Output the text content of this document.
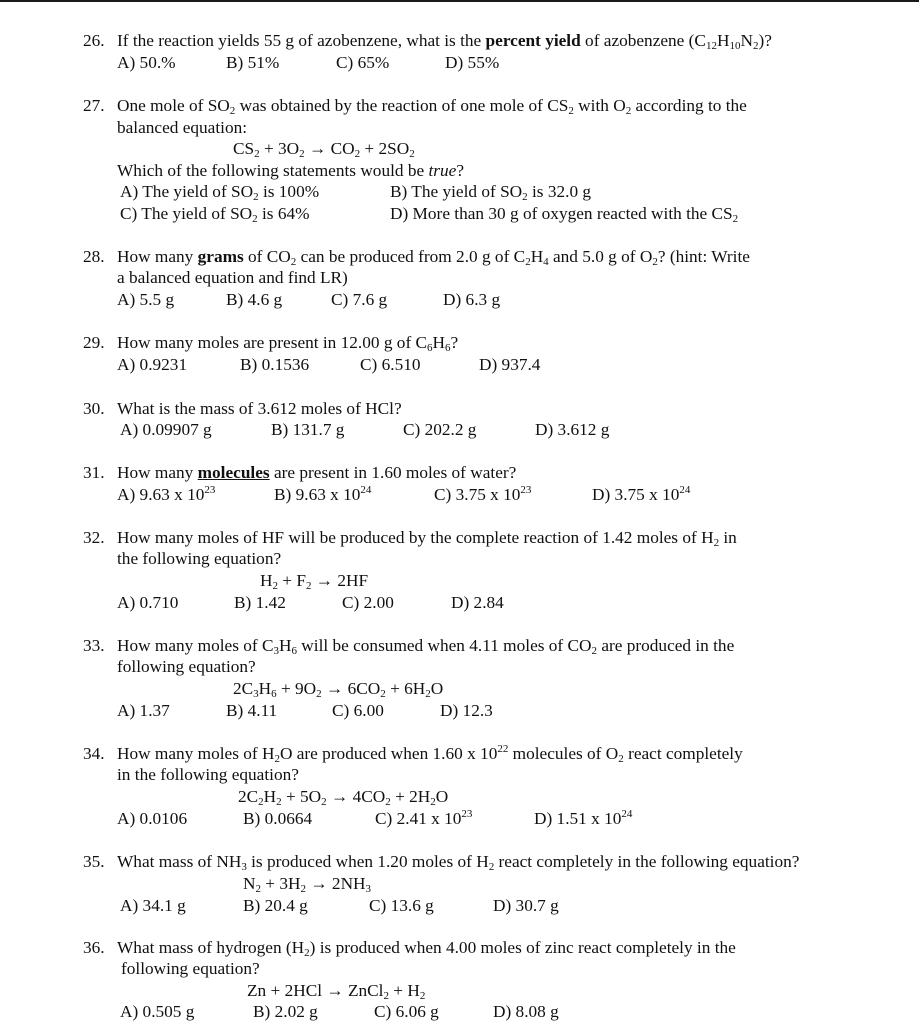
26. If the reaction yields 55 g of azobenzene, what is the percent yield of azobenzene $(C_{12}H_{10}N_2)$?
A) 50.%	B) 51%	C) 65%	D) 55%
27. One mole of $SO_2$ was obtained by the reaction of one mole of $CS_2$ with $O_2$ according to the
balanced equation:
$CS_2 + 3O_2 \to CO_2 + 2SO_2$
Which of the following statements would be true?
A) The yield of $SO_2$ is 100%	B) The yield of $SO_2$ is 32.0 g
C) The yield of $SO_2$ is 64%	D) More than 30 g of oxygen reacted with the $CS_2$
28. How many grams of $CO_2$ can be produced from 2.0 g of $C_2H_4$ and 5.0 g of $O_2$? (hint: Write
a balanced equation and find LR)
A) 5.5 g	B) 4.6 g	C) 7.6 g	D) 6.3 g
29. How many moles are present in 12.00 g of $C_6H_6$?
A) 0.9231	B) 0.1536	C) 6.510	D) 937.4
30. What is the mass of 3.612 moles of HCl?
A) 0.09907 g	B) 131.7 g	C) 202.2 g	D) 3.612 g
31. How many molecules are present in 1.60 moles of water?
A) 9.63 x $10^{23}$	B) 9.63 x $10^{24}$	C) 3.75 x $10^{23}$	D) 3.75 x $10^{24}$
32. How many moles of HF will be produced by the complete reaction of 1.42 moles of $H_2$ in
the following equation?
$H_2 + F_2 \to 2HF$
A) 0.710	B) 1.42	C) 2.00	D) 2.84
33. How many moles of $C_3H_6$ will be consumed when 4.11 moles of $CO_2$ are produced in the
following equation?
$2C_3H_6 + 9O_2 \to 6CO_2 + 6H_2O$
A) 1.37	B) 4.11	C) 6.00	D) 12.3
34. How many moles of $H_2O$ are produced when 1.60 x $10^{22}$ molecules of $O_2$ react completely
in the following equation?
$2C_2H_2 + 5O_2 \to 4CO_2 + 2H_2O$
A) 0.0106	B) 0.0664	C) 2.41 x $10^{23}$	D) 1.51 x $10^{24}$
35. What mass of $NH_3$ is produced when 1.20 moles of $H_2$ react completely in the following equation?
$N_2 + 3H_2 \to 2NH_3$
A) 34.1 g	B) 20.4 g	C) 13.6 g	D) 30.7 g
36. What mass of hydrogen $(H_2)$ is produced when 4.00 moles of zinc react completely in the
following equation?
Zn + 2HCl → ZnCl$_2$ + $H_2$
A) 0.505 g	B) 2.02 g	C) 6.06 g	D) 8.08 g
